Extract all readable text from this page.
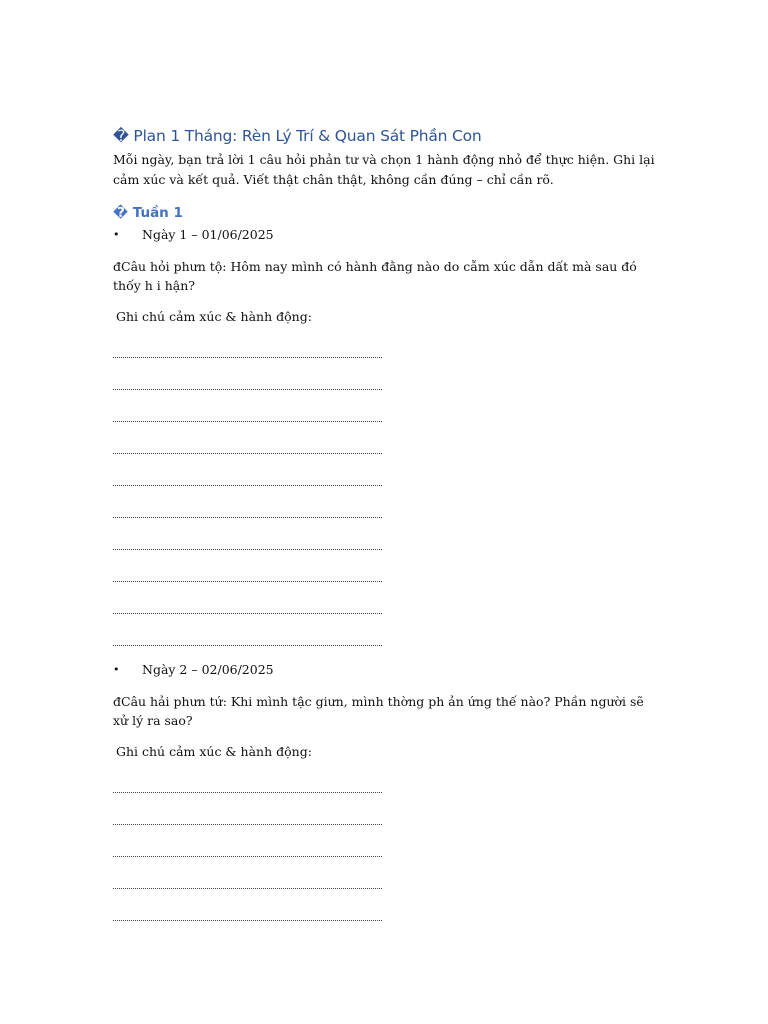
� Plan 1 Tháng: Rèn Lý Trí & Quan Sát Phần Con

Mỗi ngày, bạn trả lời 1 câu hỏi phản tư và chọn 1 hành động nhỏ để thực hiện. Ghi lại cảm xúc và kết quả. Viết thật chân thật, không cần đúng – chỉ cần rõ.

� Tuần 1
• Ngày 1 – 01/06/2025

đCâu hỏi phưn tộ: Hôm nay mình có hành đằng nào do cẫm xúc dẫn dất mà sau đó thốy h i hận?

Ghi chú cảm xúc & hành động:

• Ngày 2 – 02/06/2025

đCâu hải phưn tứ: Khi mình tậc giưn, mình thờng ph ản ứng thế nào? Phần người sẽ xử lý ra sao?

Ghi chú cảm xúc & hành động:
